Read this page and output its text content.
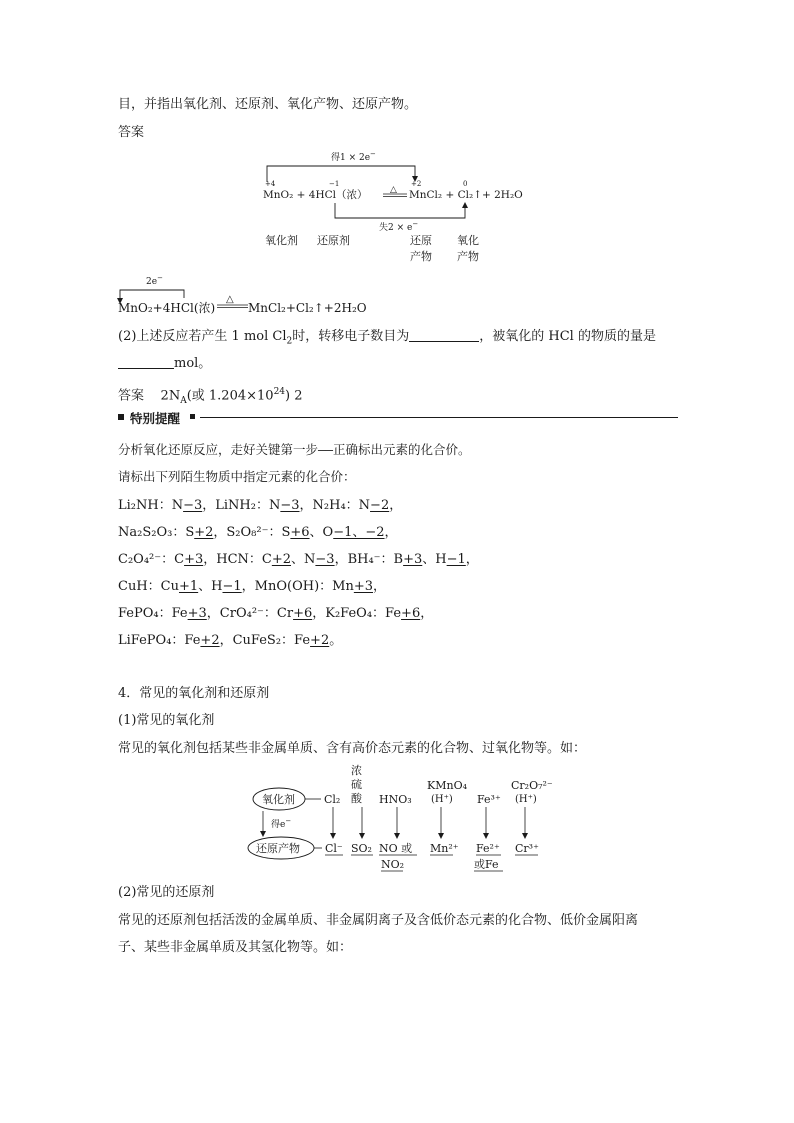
目，并指出氧化剂、还原剂、氧化产物、还原产物。
答案
得1 × 2e−
+4	−1	+2	0
MnO₂ + 4HCl（浓） △ MnCl₂ + Cl₂↑+ 2H₂O
失2 × e−
氧化剂 还原剂	还原
产物
氧化
产物
2e−
MnO₂+4HCl(浓)
△
MnCl₂+Cl₂↑+2H₂O
(2)上述反应若产生 1 mol $Cl_2$时，转移电子数目为	，被氧化的 HCl 的物质的量是
mol。
答案 $2N_A$(或 $1.204\times 10^{24}$) 2
特别提醒
分析氧化还原反应，走好关键第一步——正确标出元素的化合价。
请标出下列陌生物质中指定元素的化合价：
Li₂NH：N−3，LiNH₂：N−3，N₂H₄：N−2，
Na₂S₂O₃：S+2，S₂O₈²⁻：S+6、O−1、−2，
C₂O₄²⁻：C+3，HCN：C+2、N−3，BH₄⁻：B+3、H−1，
CuH：Cu+1、H−1，MnO(OH)：Mn+3，
FePO₄：Fe+3，CrO₄²⁻：Cr+6，K₂FeO₄：Fe+6，
LiFePO₄：Fe+2，CuFeS₂：Fe+2。
4．常见的氧化剂和还原剂
(1)常见的氧化剂
常见的氧化剂包括某些非金属单质、含有高价态元素的化合物、过氧化物等。如：
氧化剂
得e−
还原产物
Cl₂
Cl⁻
浓
硫
酸
SO₂
HNO₃
NO 或
NO₂
KMnO₄
(H⁺)
Mn²⁺
Fe³⁺
Fe²⁺
或Fe
Cr₂O₇²⁻
(H⁺)
Cr³⁺
(2)常见的还原剂
常见的还原剂包括活泼的金属单质、非金属阴离子及含低价态元素的化合物、低价金属阳离
子、某些非金属单质及其氢化物等。如：
